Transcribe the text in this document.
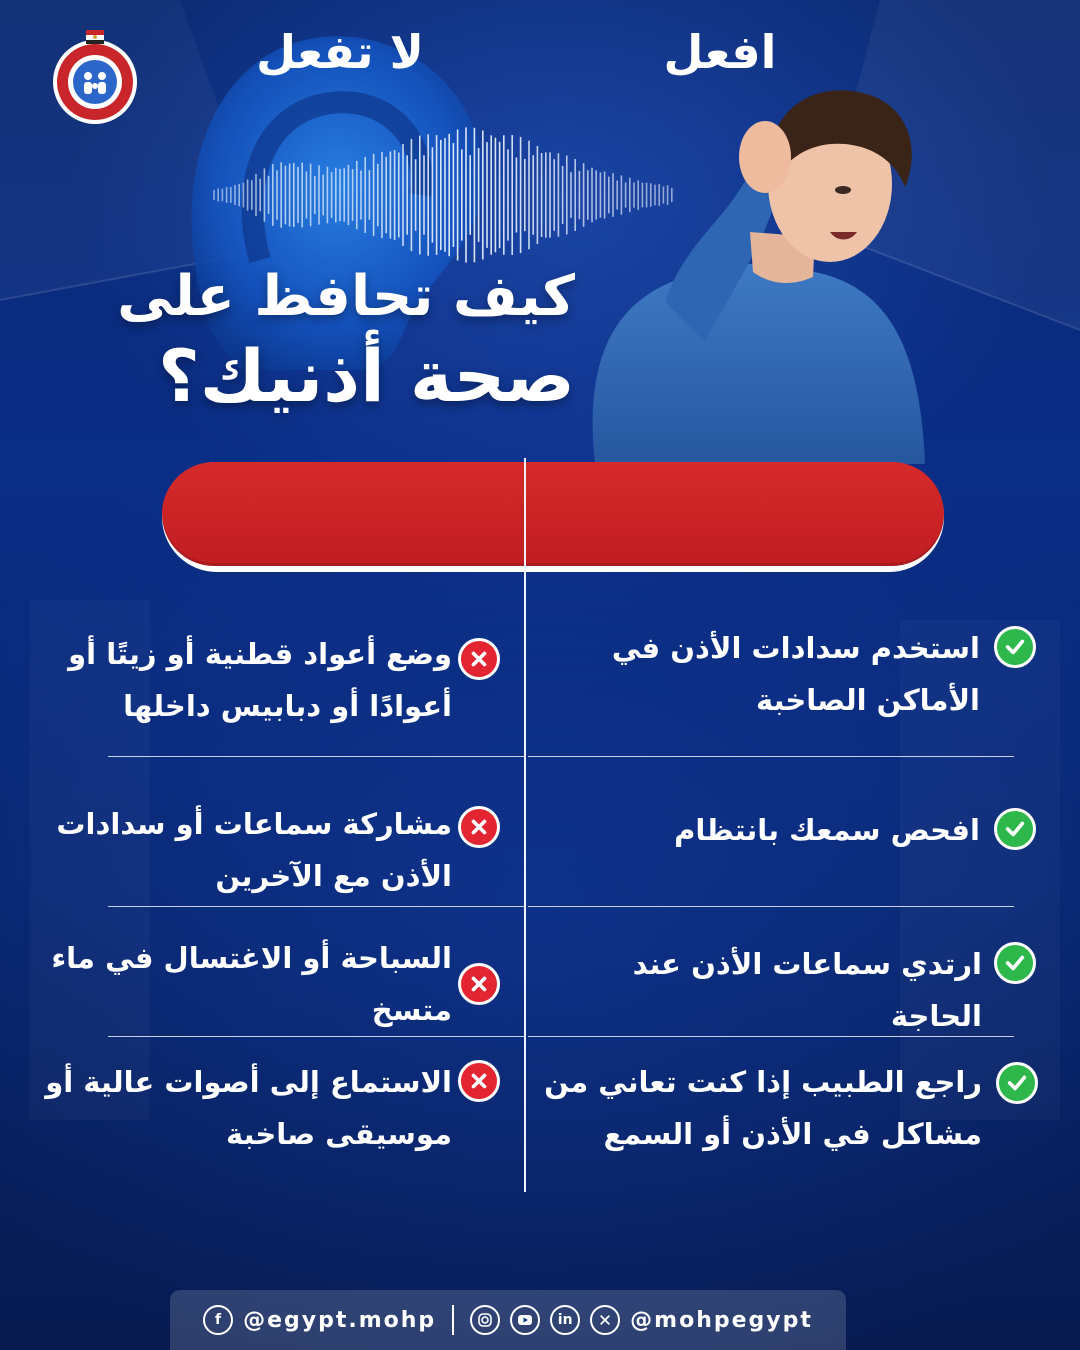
كيف تحافظ على
صحة أذنيك؟
افعل
لا تفعل
استخدم سدادات الأذن في الأماكن الصاخبة
افحص سمعك بانتظام
ارتدي سماعات الأذن عند الحاجة
راجع الطبيب إذا كنت تعاني من مشاكل في الأذن أو السمع
وضع أعواد قطنية أو زيتًا أو أعوادًا أو دبابيس داخلها
مشاركة سماعات أو سدادات الأذن مع الآخرين
السباحة أو الاغتسال في ماء متسخ
الاستماع إلى أصوات عالية أو موسيقى صاخبة
f @egypt.mohp	in	@mohpegypt
